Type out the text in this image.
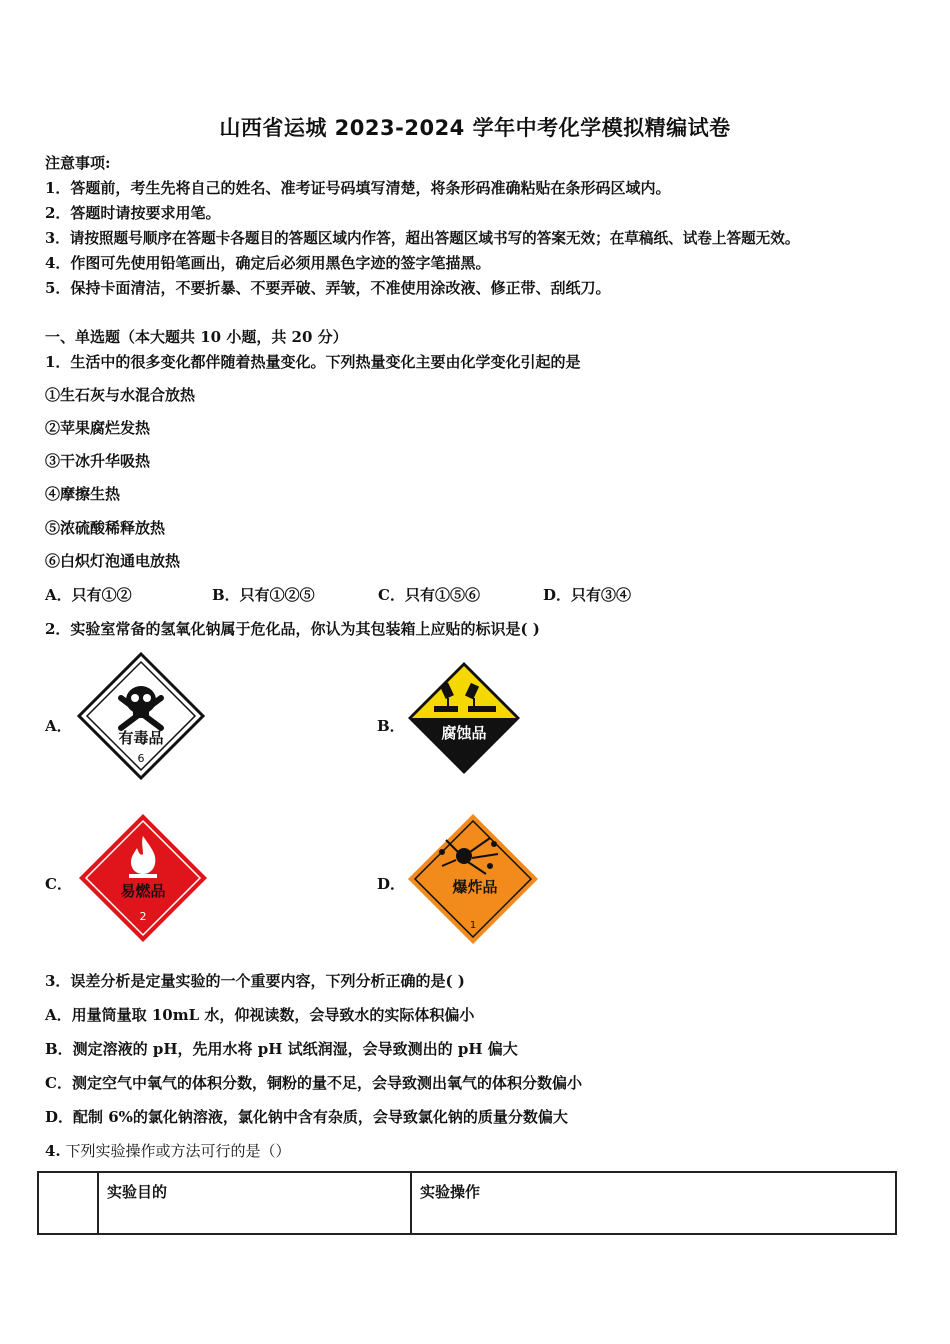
山西省运城 2023-2024 学年中考化学模拟精编试卷
注意事项:
1．答题前，考生先将自己的姓名、准考证号码填写清楚，将条形码准确粘贴在条形码区域内。
2．答题时请按要求用笔。
3．请按照题号顺序在答题卡各题目的答题区域内作答，超出答题区域书写的答案无效；在草稿纸、试卷上答题无效。
4．作图可先使用铅笔画出，确定后必须用黑色字迹的签字笔描黑。
5．保持卡面清洁，不要折暴、不要弄破、弄皱，不准使用涂改液、修正带、刮纸刀。
一、单选题（本大题共 10 小题，共 20 分）
1．生活中的很多变化都伴随着热量变化。下列热量变化主要由化学变化引起的是
①生石灰与水混合放热
②苹果腐烂发热
③干冰升华吸热
④摩擦生热
⑤浓硫酸稀释放热
⑥白炽灯泡通电放热
A．只有①②	B．只有①②⑤	C．只有①⑤⑥	D．只有③④
2．实验室常备的氢氧化钠属于危化品，你认为其包装箱上应贴的标识是( )
A．	B．
C．	D．
有毒品
6
腐蚀品
易燃品
2
爆炸品
1
3．误差分析是定量实验的一个重要内容，下列分析正确的是( )
A．用量筒量取 10mL 水，仰视读数，会导致水的实际体积偏小
B．测定溶液的 pH，先用水将 pH 试纸润湿，会导致测出的 pH 偏大
C．测定空气中氧气的体积分数，铜粉的量不足，会导致测出氧气的体积分数偏小
D．配制 6%的氯化钠溶液，氯化钠中含有杂质，会导致氯化钠的质量分数偏大
4. 下列实验操作或方法可行的是（）
	实验目的	实验操作
